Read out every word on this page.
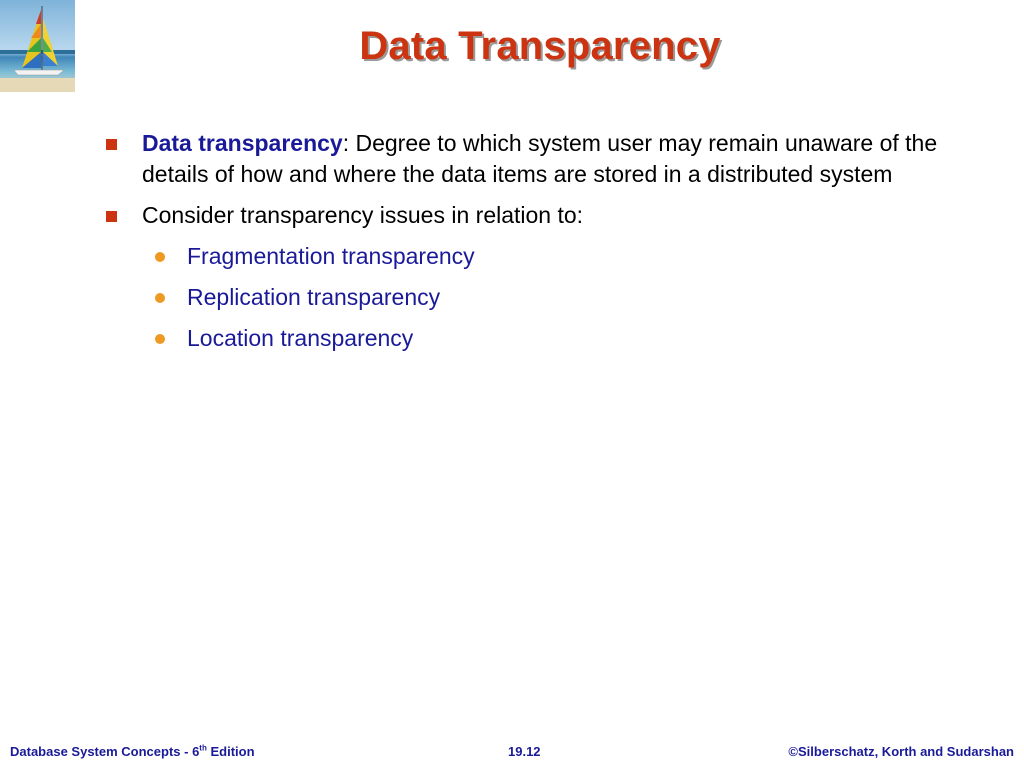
Data Transparency
Data transparency: Degree to which system user may remain unaware of the details of how and where the data items are stored in a distributed system
Consider transparency issues in relation to:
Fragmentation transparency
Replication transparency
Location transparency
Database System Concepts - 6th Edition	19.12	©Silberschatz, Korth and Sudarshan
